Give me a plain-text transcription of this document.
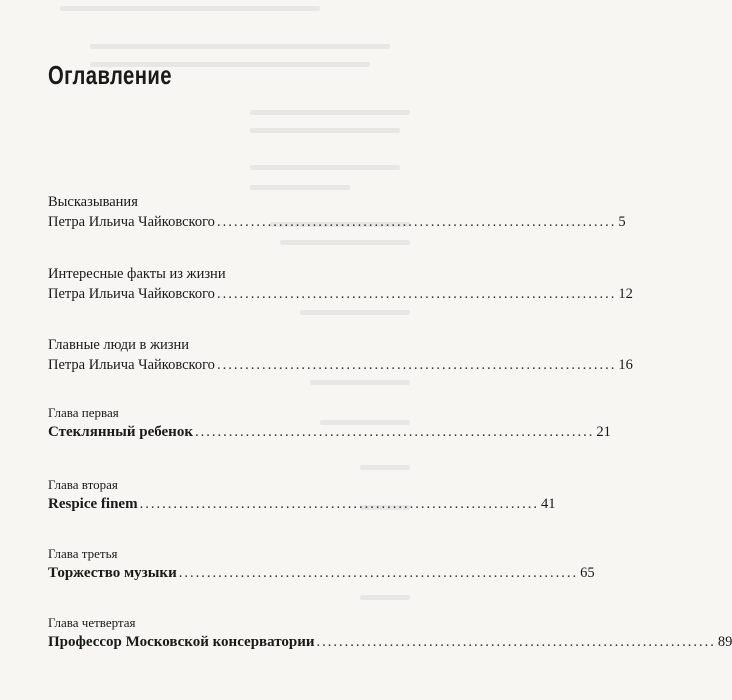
Оглавление
Высказывания
Петра Ильича Чайковского ....................................................................... 5
Интересные факты из жизни
Петра Ильича Чайковского ....................................................................... 12
Главные люди в жизни
Петра Ильича Чайковского ....................................................................... 16
Глава первая
Стеклянный ребенок ....................................................................... 21
Глава вторая
Respice finem ....................................................................... 41
Глава третья
Торжество музыки ....................................................................... 65
Глава четвертая
Профессор Московской консерватории ....................................................................... 89
